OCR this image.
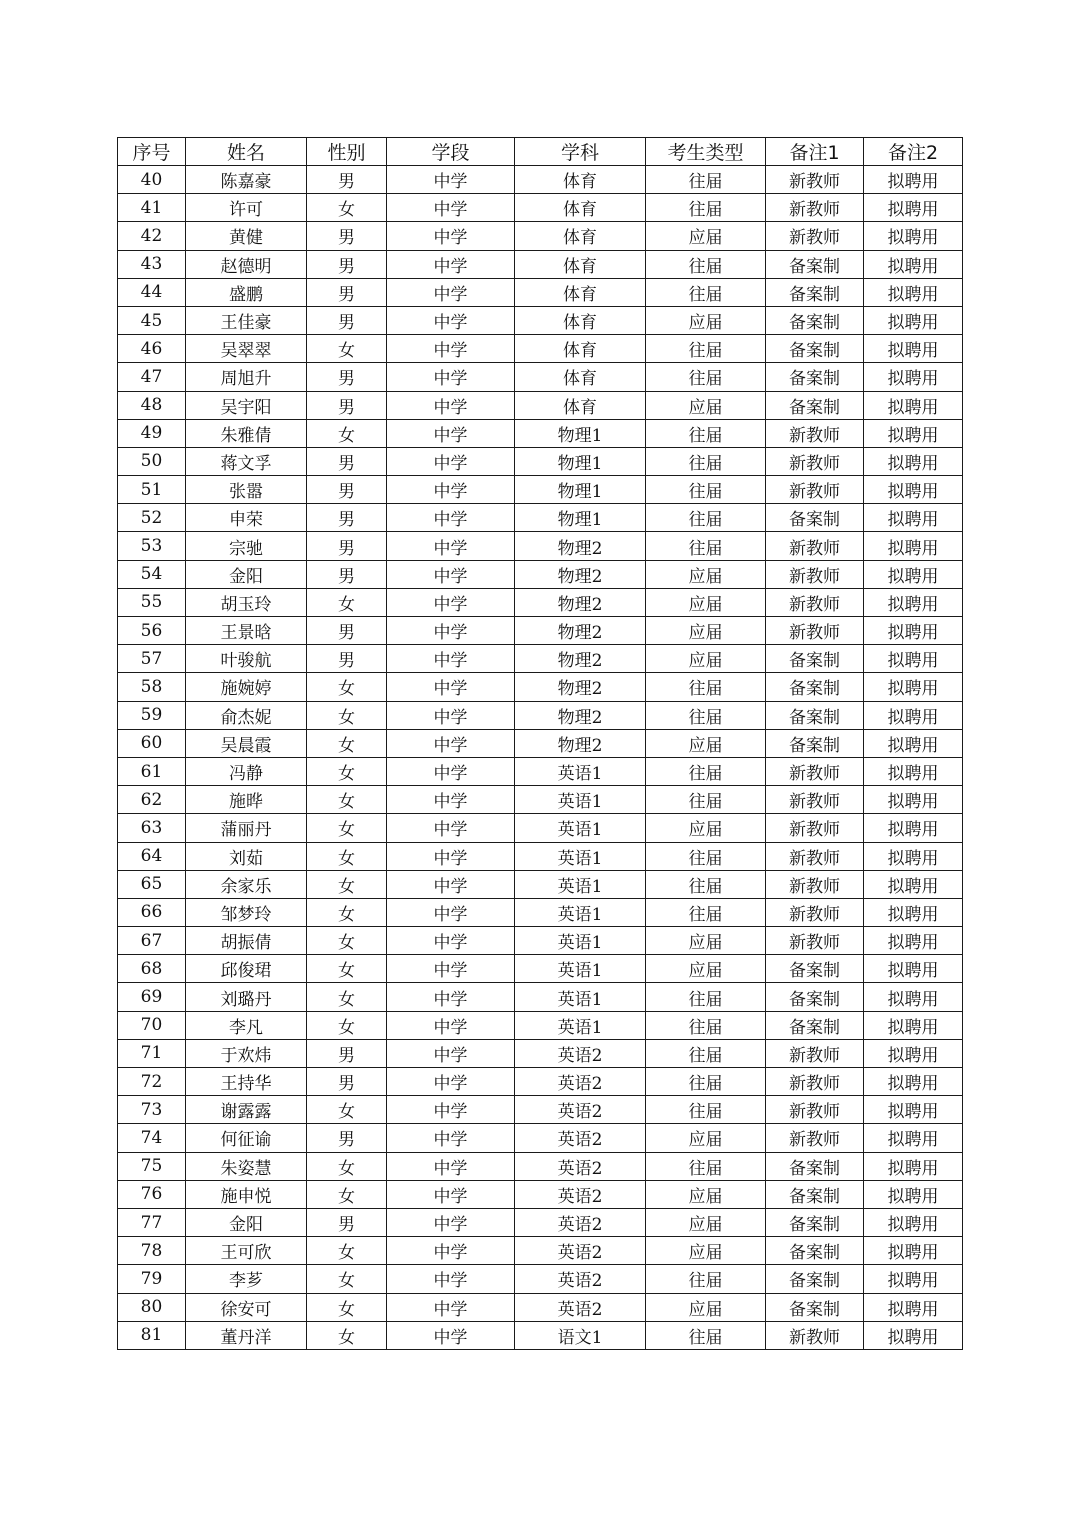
序号	姓名	性别	学段	学科	考生类型	备注1	备注2
40	陈嘉豪	男	中学	体育	往届	新教师	拟聘用
41	许可	女	中学	体育	往届	新教师	拟聘用
42	黄健	男	中学	体育	应届	新教师	拟聘用
43	赵德明	男	中学	体育	往届	备案制	拟聘用
44	盛鹏	男	中学	体育	往届	备案制	拟聘用
45	王佳豪	男	中学	体育	应届	备案制	拟聘用
46	吴翠翠	女	中学	体育	往届	备案制	拟聘用
47	周旭升	男	中学	体育	往届	备案制	拟聘用
48	吴宇阳	男	中学	体育	应届	备案制	拟聘用
49	朱雅倩	女	中学	物理1	往届	新教师	拟聘用
50	蒋文孚	男	中学	物理1	往届	新教师	拟聘用
51	张嚣	男	中学	物理1	往届	新教师	拟聘用
52	申荣	男	中学	物理1	往届	备案制	拟聘用
53	宗驰	男	中学	物理2	往届	新教师	拟聘用
54	金阳	男	中学	物理2	应届	新教师	拟聘用
55	胡玉玲	女	中学	物理2	应届	新教师	拟聘用
56	王景晗	男	中学	物理2	应届	新教师	拟聘用
57	叶骏航	男	中学	物理2	应届	备案制	拟聘用
58	施婉婷	女	中学	物理2	往届	备案制	拟聘用
59	俞杰妮	女	中学	物理2	往届	备案制	拟聘用
60	吴晨霞	女	中学	物理2	应届	备案制	拟聘用
61	冯静	女	中学	英语1	往届	新教师	拟聘用
62	施晔	女	中学	英语1	往届	新教师	拟聘用
63	蒲丽丹	女	中学	英语1	应届	新教师	拟聘用
64	刘茹	女	中学	英语1	往届	新教师	拟聘用
65	余家乐	女	中学	英语1	往届	新教师	拟聘用
66	邹梦玲	女	中学	英语1	往届	新教师	拟聘用
67	胡振倩	女	中学	英语1	应届	新教师	拟聘用
68	邱俊珺	女	中学	英语1	应届	备案制	拟聘用
69	刘璐丹	女	中学	英语1	往届	备案制	拟聘用
70	李凡	女	中学	英语1	往届	备案制	拟聘用
71	于欢炜	男	中学	英语2	往届	新教师	拟聘用
72	王持华	男	中学	英语2	往届	新教师	拟聘用
73	谢露露	女	中学	英语2	往届	新教师	拟聘用
74	何征谕	男	中学	英语2	应届	新教师	拟聘用
75	朱姿慧	女	中学	英语2	往届	备案制	拟聘用
76	施申悦	女	中学	英语2	应届	备案制	拟聘用
77	金阳	男	中学	英语2	应届	备案制	拟聘用
78	王可欣	女	中学	英语2	应届	备案制	拟聘用
79	李芗	女	中学	英语2	往届	备案制	拟聘用
80	徐安可	女	中学	英语2	应届	备案制	拟聘用
81	董丹洋	女	中学	语文1	往届	新教师	拟聘用
